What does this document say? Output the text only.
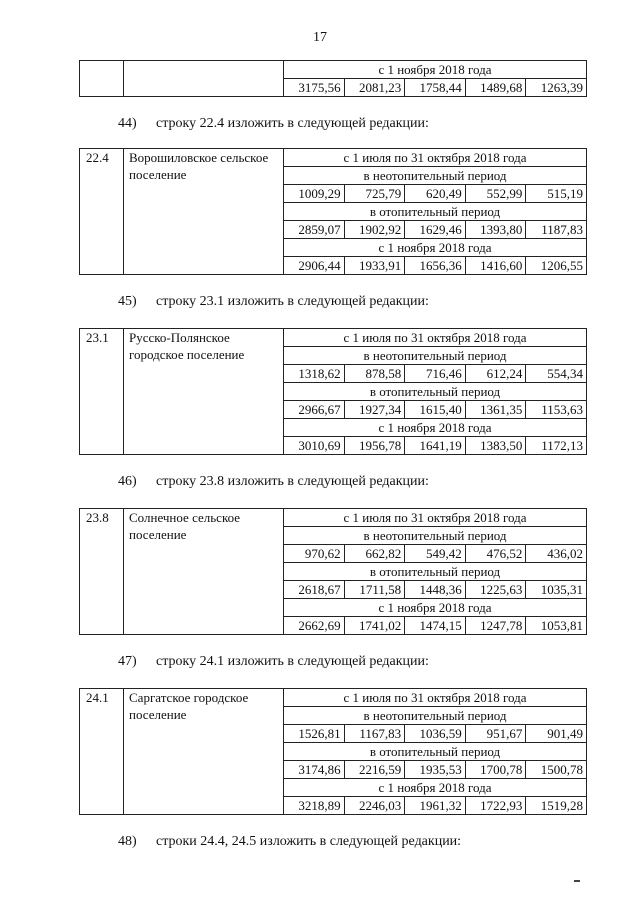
17
		с 1 ноября 2018 года				
		3175,56	2081,23	1758,44	1489,68	1263,39
44) строку 22.4 изложить в следующей редакции:
22.4	Ворошиловское сельское поселение	с 1 июля по 31 октября 2018 года				
		в неотопительный период				
		1009,29	725,79	620,49	552,99	515,19
		в отопительный период				
		2859,07	1902,92	1629,46	1393,80	1187,83
		с 1 ноября 2018 года				
		2906,44	1933,91	1656,36	1416,60	1206,55
45) строку 23.1 изложить в следующей редакции:
23.1	Русско-Полянское городское поселение	с 1 июля по 31 октября 2018 года				
		в неотопительный период				
		1318,62	878,58	716,46	612,24	554,34
		в отопительный период				
		2966,67	1927,34	1615,40	1361,35	1153,63
		с 1 ноября 2018 года				
		3010,69	1956,78	1641,19	1383,50	1172,13
46) строку 23.8 изложить в следующей редакции:
23.8	Солнечное сельское поселение	с 1 июля по 31 октября 2018 года				
		в неотопительный период				
		970,62	662,82	549,42	476,52	436,02
		в отопительный период				
		2618,67	1711,58	1448,36	1225,63	1035,31
		с 1 ноября 2018 года				
		2662,69	1741,02	1474,15	1247,78	1053,81
47) строку 24.1 изложить в следующей редакции:
24.1	Саргатское городское поселение	с 1 июля по 31 октября 2018 года				
		в неотопительный период				
		1526,81	1167,83	1036,59	951,67	901,49
		в отопительный период				
		3174,86	2216,59	1935,53	1700,78	1500,78
		с 1 ноября 2018 года				
		3218,89	2246,03	1961,32	1722,93	1519,28
48) строки 24.4, 24.5 изложить в следующей редакции:
